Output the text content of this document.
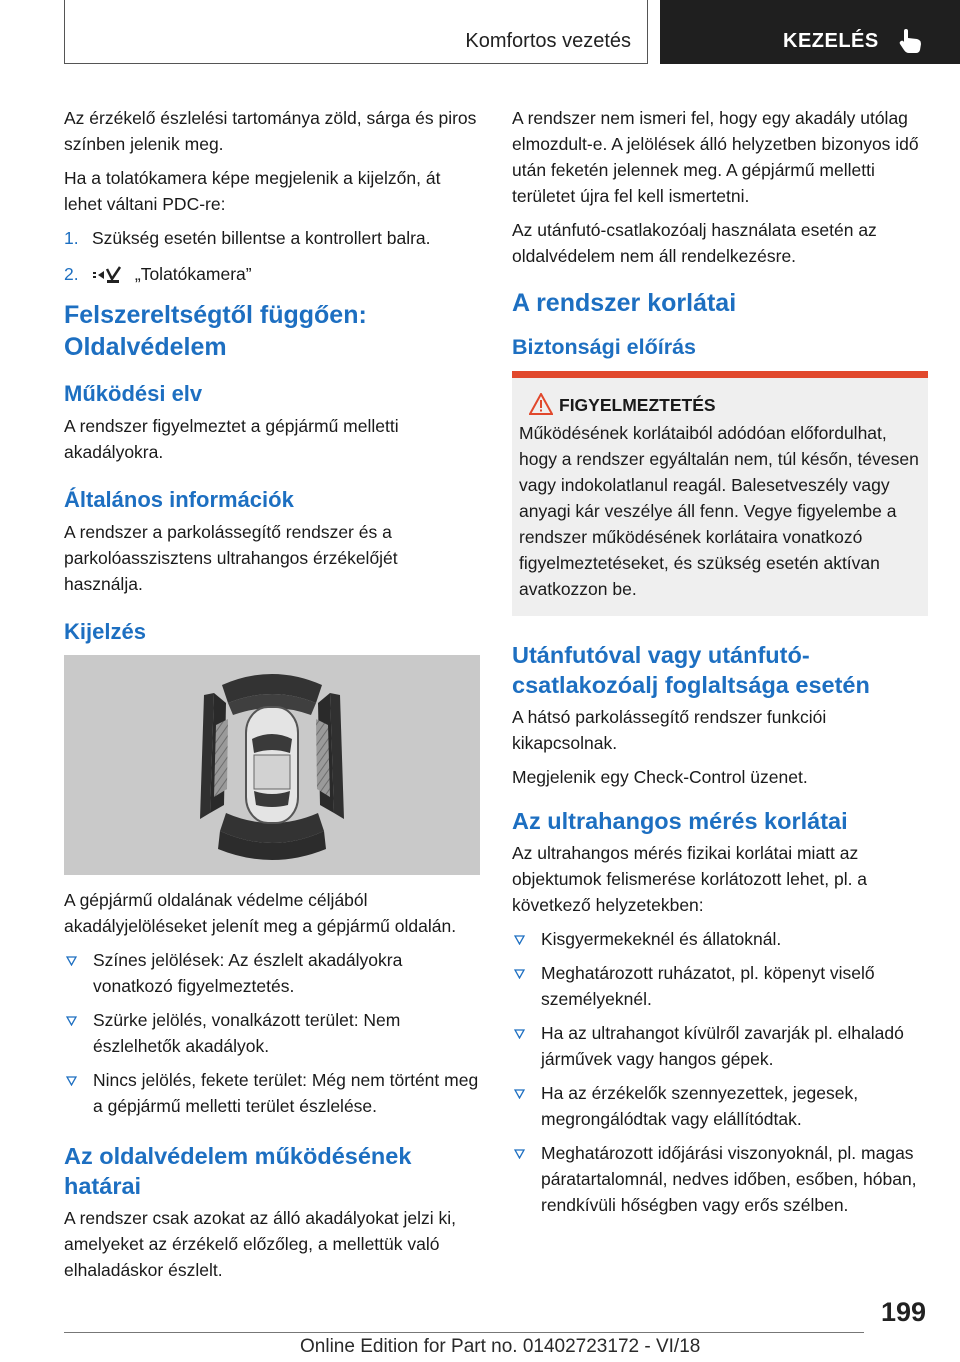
Komfortos vezetés	KEZELÉS

Az érzékelő észlelési tartománya zöld, sárga és piros színben jelenik meg.

Ha a tolatókamera képe megjelenik a kijelzőn, át lehet váltani PDC-re:

1. Szükség esetén billentse a kontrollert balra.
2.	„Tolatókamera”
Felszereltségtől függően: Oldalvédelem
Működési elv

A rendszer figyelmeztet a gépjármű melletti akadályokra.

Általános információk

A rendszer a parkolássegítő rendszer és a parkolóasszisztens ultrahangos érzékelőjét használja.

Kijelzés

A gépjármű oldalának védelme céljából akadályjelöléseket jelenít meg a gépjármű oldalán.

Színes jelölések: Az észlelt akadályokra vonatkozó figyelmeztetés.
Szürke jelölés, vonalkázott terület: Nem észlelhetők akadályok.
Nincs jelölés, fekete terület: Még nem történt meg a gépjármű melletti terület észlelése.
Az oldalvédelem működésének határai

A rendszer csak azokat az álló akadályokat jelzi ki, amelyeket az érzékelő előzőleg, a mellettük való elhaladáskor észlelt.

A rendszer nem ismeri fel, hogy egy akadály utólag elmozdult-e. A jelölések álló helyzetben bizonyos idő után feketén jelennek meg. A gépjármű melletti területet újra fel kell ismertetni.

Az utánfutó-csatlakozóalj használata esetén az oldalvédelem nem áll rendelkezésre.

A rendszer korlátai
Biztonsági előírás
FIGYELMEZTETÉS

Működésének korlátaiból adódóan előfordulhat, hogy a rendszer egyáltalán nem, túl későn, tévesen vagy indokolatlanul reagál. Balesetveszély vagy anyagi kár veszélye áll fenn. Vegye figyelembe a rendszer működésének korlátaira vonatkozó figyelmeztetéseket, és szükség esetén aktívan avatkozzon be.

Utánfutóval vagy utánfutó-csatlakozóalj foglaltsága esetén

A hátsó parkolássegítő rendszer funkciói kikapcsolnak.

Megjelenik egy Check-Control üzenet.

Az ultrahangos mérés korlátai

Az ultrahangos mérés fizikai korlátai miatt az objektumok felismerése korlátozott lehet, pl. a következő helyzetekben:

Kisgyermekeknél és állatoknál.
Meghatározott ruházatot, pl. köpenyt viselő személyeknél.
Ha az ultrahangot kívülről zavarják pl. elhaladó járművek vagy hangos gépek.
Ha az érzékelők szennyezettek, jegesek, megrongálódtak vagy elállítódtak.
Meghatározott időjárási viszonyoknál, pl. magas páratartalomnál, nedves időben, esőben, hóban, rendkívüli hőségben vagy erős szélben.
199
Online Edition for Part no. 01402723172 - VI/18
